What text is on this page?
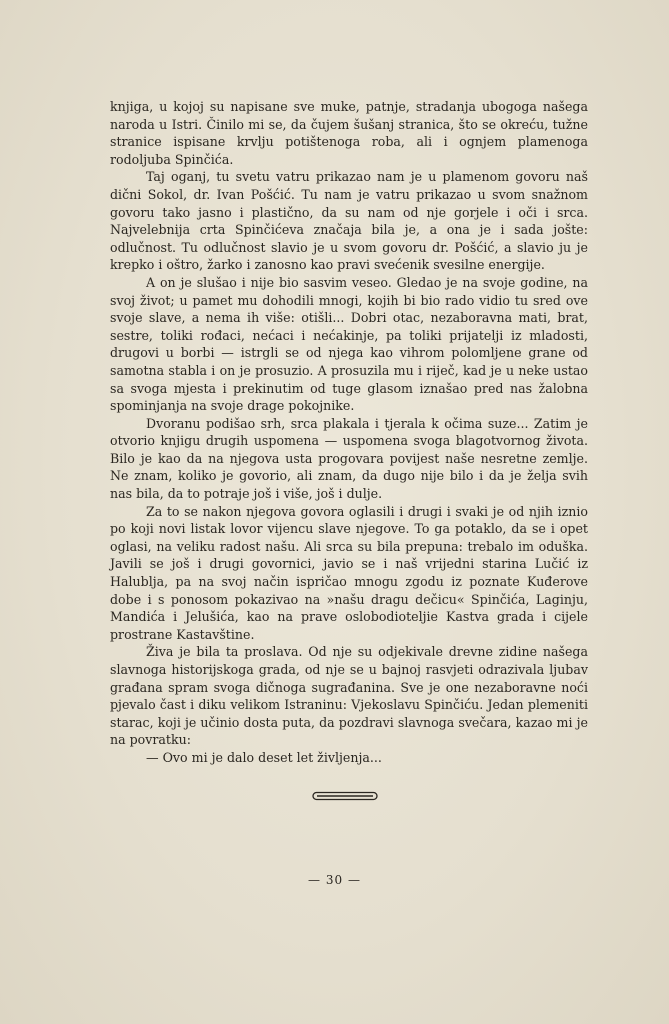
knjiga, u kojoj su napisane sve muke, patnje, stradanja ubogoga našega naroda u Istri. Činilo mi se, da čujem šušanj stranica, što se okreću, tužne stranice ispisane krvlju potištenoga roba, ali i ognjem plamenoga rodoljuba Spinčića.

Taj oganj, tu svetu vatru prikazao nam je u plamenom govoru naš dični Sokol, dr. Ivan Pošćić. Tu nam je vatru prikazao u svom snažnom govoru tako jasno i plastično, da su nam od nje gorjele i oči i srca. Najvelebnija crta Spinčićeva značaja bila je, a ona je i sada jošte: odlučnost. Tu odlučnost slavio je u svom govoru dr. Pošćić, a slavio ju je krepko i oštro, žarko i zanosno kao pravi svećenik svesilne energije.

A on je slušao i nije bio sasvim veseo. Gledao je na svoje godine, na svoj život; u pamet mu dohodili mnogi, kojih bi bio rado vidio tu sred ove svoje slave, a nema ih više: otišli... Dobri otac, nezaboravna mati, brat, sestre, toliki rođaci, nećaci i nećakinje, pa toliki prijatelji iz mladosti, drugovi u borbi — istrgli se od njega kao vihrom polomljene grane od samotna stabla i on je prosuzio. A prosuzila mu i riječ, kad je u neke ustao sa svoga mjesta i prekinutim od tuge glasom iznašao pred nas žalobna spominjanja na svoje drage pokojnike.

Dvoranu podišao srh, srca plakala i tjerala k očima suze... Zatim je otvorio knjigu drugih uspomena — uspomena svoga blagotvornog života. Bilo je kao da na njegova usta progovara povijest naše nesretne zemlje. Ne znam, koliko je govorio, ali znam, da dugo nije bilo i da je želja svih nas bila, da to potraje još i više, još i dulje.

Za to se nakon njegova govora oglasili i drugi i svaki je od njih iznio po koji novi listak lovor vijencu slave njegove. To ga potaklo, da se i opet oglasi, na veliku radost našu. Ali srca su bila prepuna: trebalo im oduška. Javili se još i drugi govornici, javio se i naš vrijedni starina Lučić iz Halublja, pa na svoj način ispričao mnogu zgodu iz poznate Kuđerove dobe i s ponosom pokazivao na »našu dragu dečicu« Spinčića, Laginju, Mandića i Jelušića, kao na prave oslobodioteljie Kastva grada i cijele prostrane Kastavštine.

Živa je bila ta proslava. Od nje su odjekivale drevne zidine našega slavnoga historijskoga grada, od nje se u bajnoj rasvjeti odrazivala ljubav građana spram svoga dičnoga sugrađanina. Sve je one nezaboravne noći pjevalo čast i diku velikom Istraninu: Vjekoslavu Spinčiću. Jedan plemeniti starac, koji je učinio dosta puta, da pozdravi slavnoga svečara, kazao mi je na povratku:

— Ovo mi je dalo deset let življenja...

— 30 —
